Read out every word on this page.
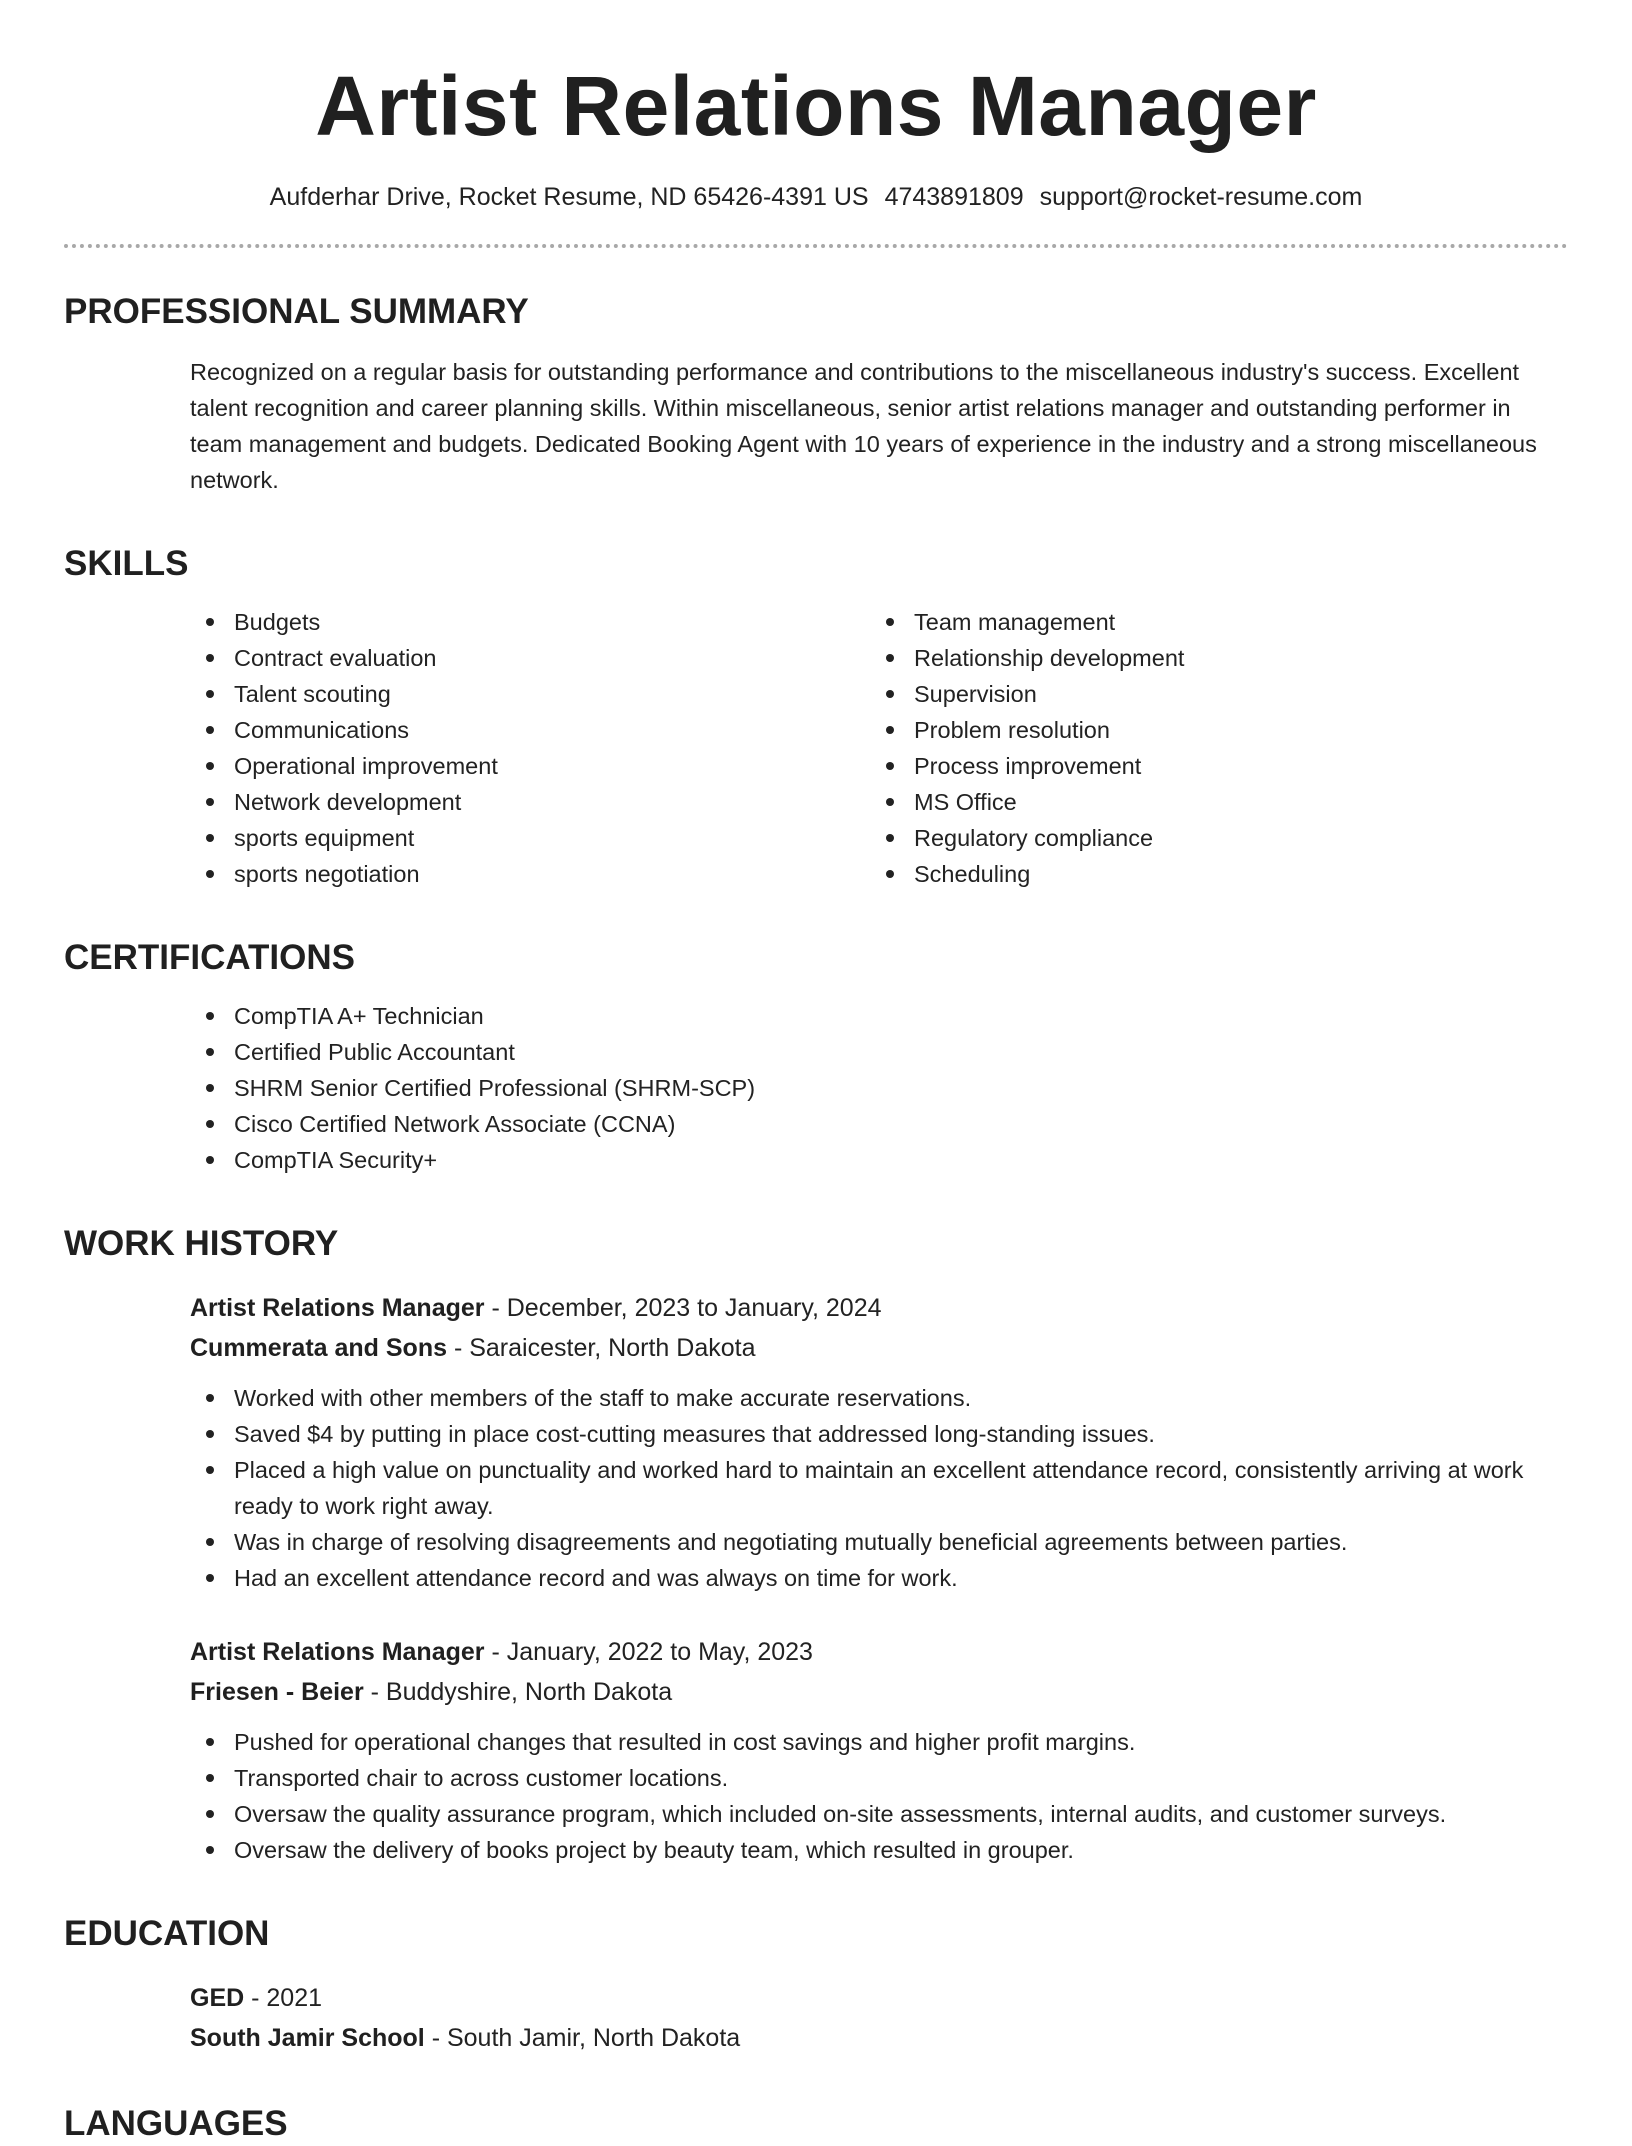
Artist Relations Manager
Aufderhar Drive, Rocket Resume, ND 65426-4391 US 4743891809 support@rocket-resume.com
PROFESSIONAL SUMMARY

Recognized on a regular basis for outstanding performance and contributions to the miscellaneous industry's success. Excellent talent recognition and career planning skills. Within miscellaneous, senior artist relations manager and outstanding performer in team management and budgets. Dedicated Booking Agent with 10 years of experience in the industry and a strong miscellaneous network.

SKILLS
Budgets
Contract evaluation
Talent scouting
Communications
Operational improvement
Network development
sports equipment
sports negotiation
Team management
Relationship development
Supervision
Problem resolution
Process improvement
MS Office
Regulatory compliance
Scheduling
CERTIFICATIONS
CompTIA A+ Technician
Certified Public Accountant
SHRM Senior Certified Professional (SHRM-SCP)
Cisco Certified Network Associate (CCNA)
CompTIA Security+
WORK HISTORY
Artist Relations Manager - December, 2023 to January, 2024
Cummerata and Sons - Saraicester, North Dakota
Worked with other members of the staff to make accurate reservations.
Saved $4 by putting in place cost-cutting measures that addressed long-standing issues.
Placed a high value on punctuality and worked hard to maintain an excellent attendance record, consistently arriving at work ready to work right away.
Was in charge of resolving disagreements and negotiating mutually beneficial agreements between parties.
Had an excellent attendance record and was always on time for work.
Artist Relations Manager - January, 2022 to May, 2023
Friesen - Beier - Buddyshire, North Dakota
Pushed for operational changes that resulted in cost savings and higher profit margins.
Transported chair to across customer locations.
Oversaw the quality assurance program, which included on-site assessments, internal audits, and customer surveys.
Oversaw the delivery of books project by beauty team, which resulted in grouper.
EDUCATION
GED - 2021
South Jamir School - South Jamir, North Dakota
LANGUAGES
